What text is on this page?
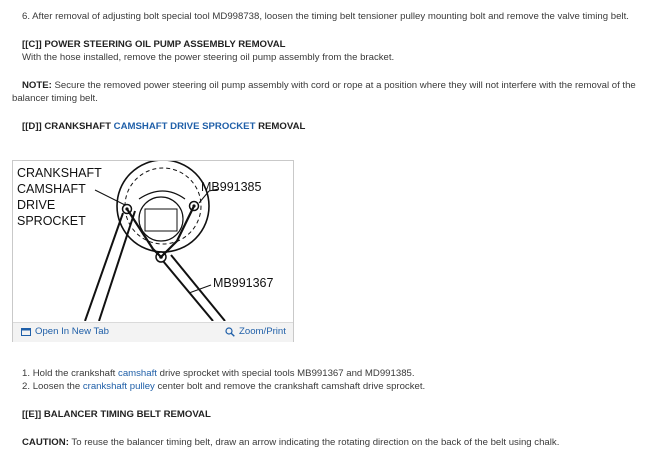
6. After removal of adjusting bolt special tool MD998738, loosen the timing belt tensioner pulley mounting bolt and remove the valve timing belt.
[[C]] POWER STEERING OIL PUMP ASSEMBLY REMOVAL
With the hose installed, remove the power steering oil pump assembly from the bracket.
NOTE: Secure the removed power steering oil pump assembly with cord or rope at a position where they will not interfere with the removal of the
balancer timing belt.
[[D]] CRANKSHAFT CAMSHAFT DRIVE SPROCKET REMOVAL
CRANKSHAFT
CAMSHAFT
DRIVE
SPROCKET
MB991385
MB991367
Open In New Tab	Zoom/Print
1. Hold the crankshaft camshaft drive sprocket with special tools MB991367 and MD991385.
2. Loosen the crankshaft pulley center bolt and remove the crankshaft camshaft drive sprocket.
[[E]] BALANCER TIMING BELT REMOVAL
CAUTION: To reuse the balancer timing belt, draw an arrow indicating the rotating direction on the back of the belt using chalk.
